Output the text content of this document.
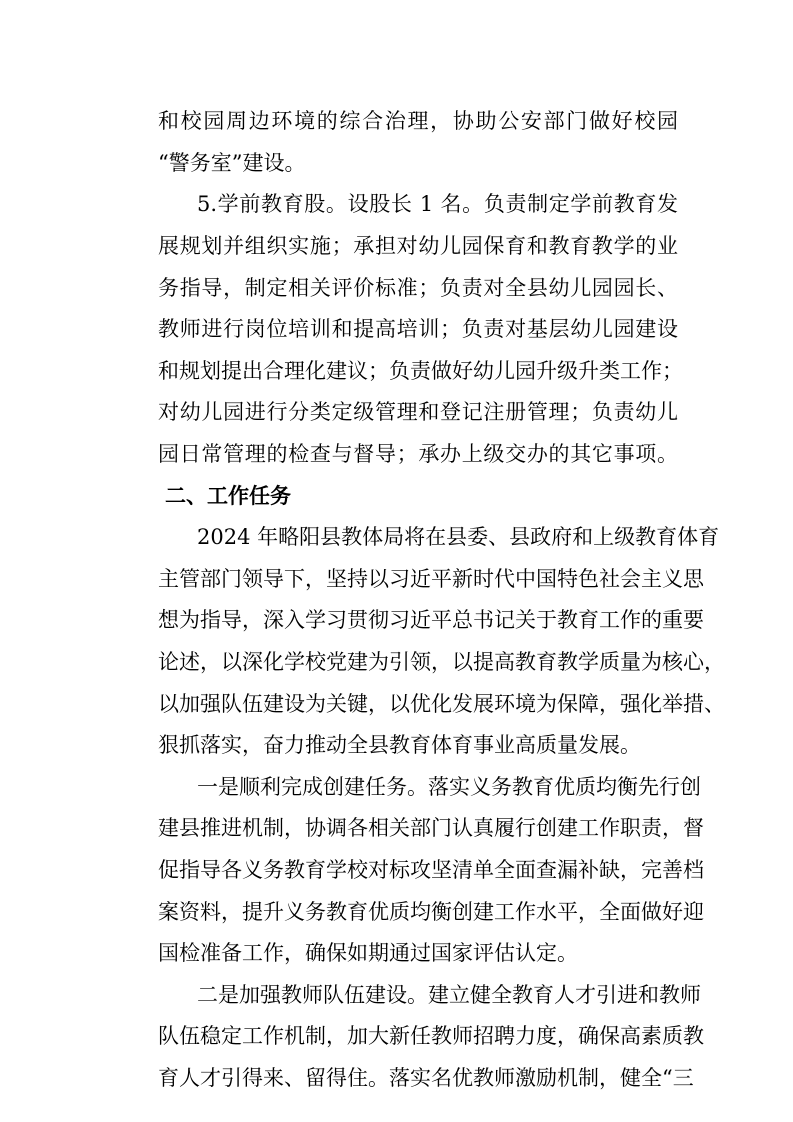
和校园周边环境的综合治理，协助公安部门做好校园
“警务室”建设。
5.学前教育股。设股长 1 名。负责制定学前教育发
展规划并组织实施；承担对幼儿园保育和教育教学的业
务指导，制定相关评价标准；负责对全县幼儿园园长、
教师进行岗位培训和提高培训；负责对基层幼儿园建设
和规划提出合理化建议；负责做好幼儿园升级升类工作；
对幼儿园进行分类定级管理和登记注册管理；负责幼儿
园日常管理的检查与督导；承办上级交办的其它事项。
二、工作任务
2024 年略阳县教体局将在县委、县政府和上级教育体育
主管部门领导下，坚持以习近平新时代中国特色社会主义思
想为指导，深入学习贯彻习近平总书记关于教育工作的重要
论述，以深化学校党建为引领，以提高教育教学质量为核心，
以加强队伍建设为关键，以优化发展环境为保障，强化举措、
狠抓落实，奋力推动全县教育体育事业高质量发展。
一是顺利完成创建任务。落实义务教育优质均衡先行创
建县推进机制，协调各相关部门认真履行创建工作职责，督
促指导各义务教育学校对标攻坚清单全面查漏补缺，完善档
案资料，提升义务教育优质均衡创建工作水平，全面做好迎
国检准备工作，确保如期通过国家评估认定。
二是加强教师队伍建设。建立健全教育人才引进和教师
队伍稳定工作机制，加大新任教师招聘力度，确保高素质教
育人才引得来、留得住。落实名优教师激励机制，健全“三
